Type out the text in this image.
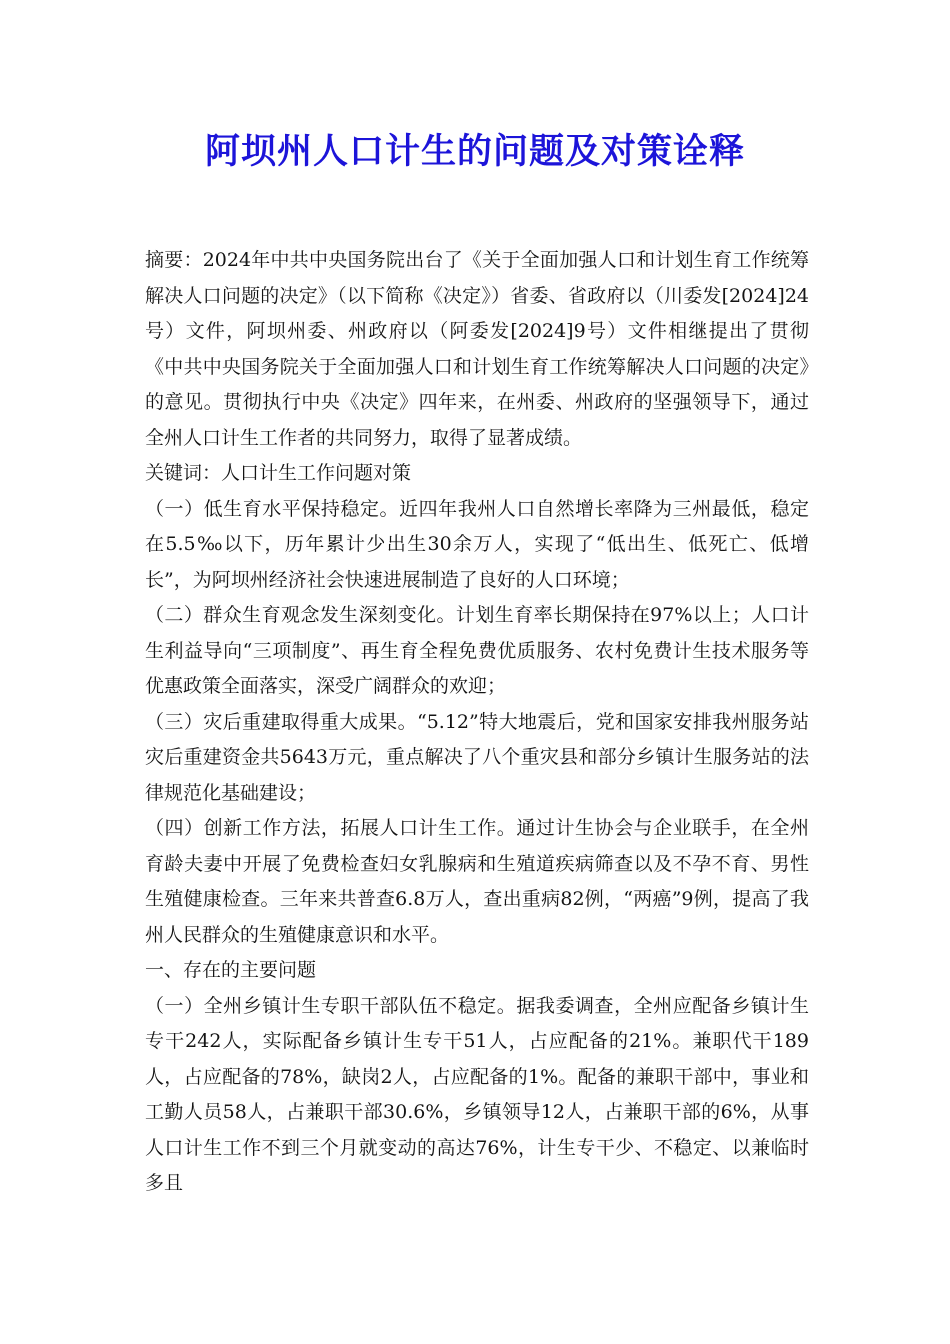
阿坝州人口计生的问题及对策诠释

摘要：2024年中共中央国务院出台了《关于全面加强人口和计划生育工作统筹解决人口问题的决定》（以下简称《决定》）省委、省政府以（川委发[2024]24号）文件，阿坝州委、州政府以（阿委发[2024]9号）文件相继提出了贯彻《中共中央国务院关于全面加强人口和计划生育工作统筹解决人口问题的决定》的意见。贯彻执行中央《决定》四年来，在州委、州政府的坚强领导下，通过全州人口计生工作者的共同努力，取得了显著成绩。

关键词：人口计生工作问题对策

（一）低生育水平保持稳定。近四年我州人口自然增长率降为三州最低，稳定在5.5‰以下，历年累计少出生30余万人，实现了“低出生、低死亡、低增长”，为阿坝州经济社会快速进展制造了良好的人口环境；

（二）群众生育观念发生深刻变化。计划生育率长期保持在97%以上；人口计生利益导向“三项制度”、再生育全程免费优质服务、农村免费计生技术服务等优惠政策全面落实，深受广阔群众的欢迎；

（三）灾后重建取得重大成果。“5.12”特大地震后，党和国家安排我州服务站灾后重建资金共5643万元，重点解决了八个重灾县和部分乡镇计生服务站的法律规范化基础建设；

（四）创新工作方法，拓展人口计生工作。通过计生协会与企业联手，在全州育龄夫妻中开展了免费检查妇女乳腺病和生殖道疾病筛查以及不孕不育、男性生殖健康检查。三年来共普查6.8万人，查出重病82例，“两癌”9例，提高了我州人民群众的生殖健康意识和水平。

一、存在的主要问题

（一）全州乡镇计生专职干部队伍不稳定。据我委调查，全州应配备乡镇计生专干242人，实际配备乡镇计生专干51人，占应配备的21%。兼职代干189人，占应配备的78%，缺岗2人，占应配备的1%。配备的兼职干部中，事业和工勤人员58人，占兼职干部30.6%，乡镇领导12人，占兼职干部的6%，从事人口计生工作不到三个月就变动的高达76%，计生专干少、不稳定、以兼临时多且
